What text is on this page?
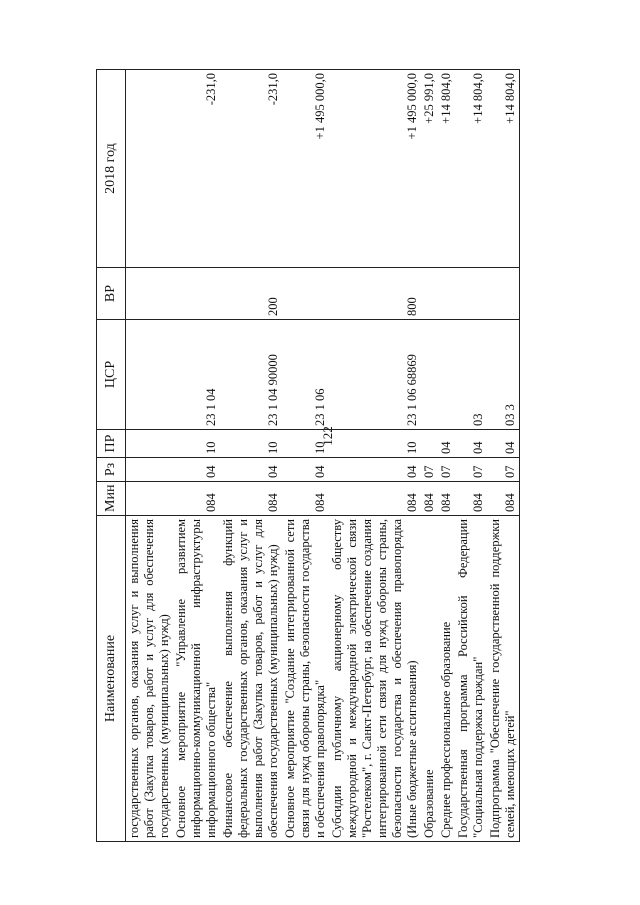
122
Наименование	Мин	Рз	ПР	ЦСР	ВР	2018 год
государственных органов, оказания услуг и выполнения работ (Закупка товаров, работ и услуг для обеспечения государственных (муниципальных) нужд)						
Основное мероприятие "Управление развитием информационно-коммуникационной инфраструктуры информационного общества"	084	04	10	23 1 04		-231,0
Финансовое обеспечение выполнения функций федеральных государственных органов, оказания услуг и выполнения работ (Закупка товаров, работ и услуг для обеспечения государственных (муниципальных) нужд)	084	04	10	23 1 04 90000	200	-231,0
Основное мероприятие "Создание интегрированной сети связи для нужд обороны страны, безопасности государства и обеспечения правопорядка"	084	04	10	23 1 06		+1 495 000,0
Субсидии публичному акционерному обществу междугородной и международной электрической связи "Ростелеком", г. Санкт-Петербург, на обеспечение создания интегрированной сети связи для нужд обороны страны, безопасности государства и обеспечения правопорядка (Иные бюджетные ассигнования)	084	04	10	23 1 06 68869	800	+1 495 000,0
Образование	084	07				+25 991,0
Среднее профессиональное образование	084	07	04			+14 804,0
Государственная программа Российской Федерации "Социальная поддержка граждан"	084	07	04	03		+14 804,0
Подпрограмма "Обеспечение государственной поддержки семей, имеющих детей"	084	07	04	03 3		+14 804,0
